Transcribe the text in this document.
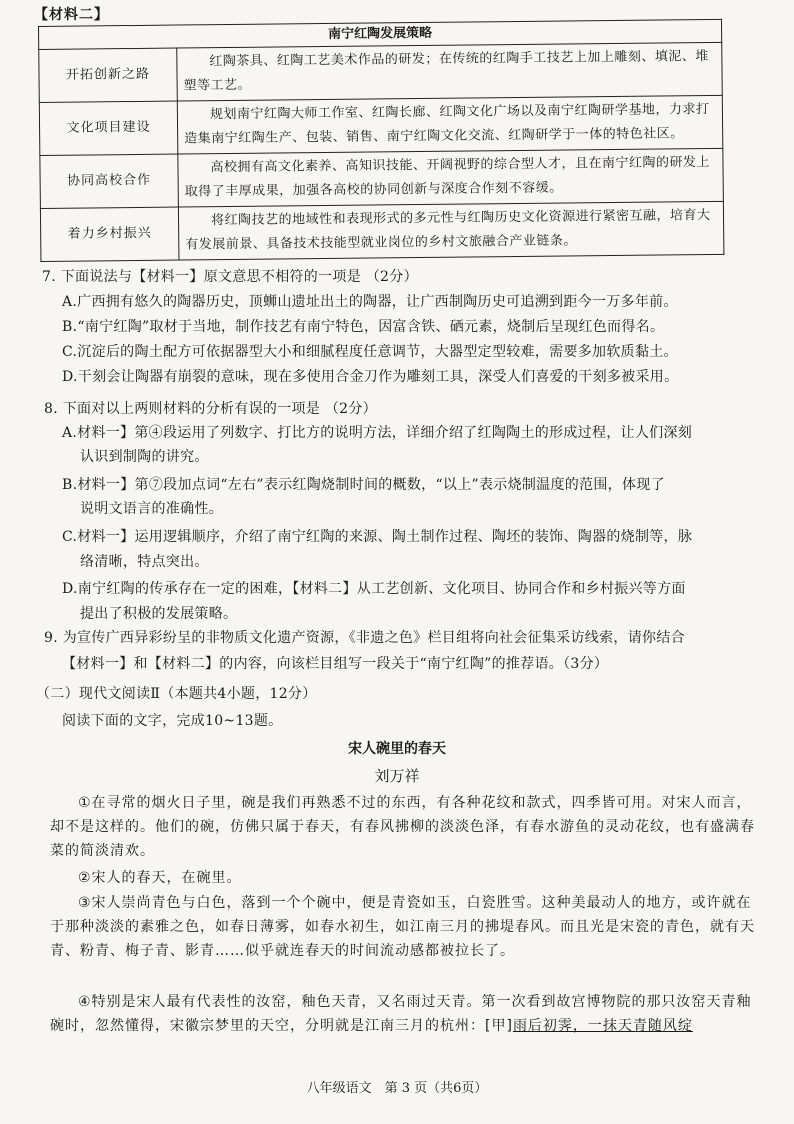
【材料二】
南宁红陶发展策略	
开拓创新之路	红陶茶具、红陶工艺美术作品的研发；在传统的红陶手工技艺上加上雕刻、填泥、堆塑等工艺。
文化项目建设	规划南宁红陶大师工作室、红陶长廊、红陶文化广场以及南宁红陶研学基地，力求打造集南宁红陶生产、包装、销售、南宁红陶文化交流、红陶研学于一体的特色社区。
协同高校合作	高校拥有高文化素养、高知识技能、开阔视野的综合型人才，且在南宁红陶的研发上取得了丰厚成果，加强各高校的协同创新与深度合作刻不容缓。
着力乡村振兴	将红陶技艺的地域性和表现形式的多元性与红陶历史文化资源进行紧密互融，培育大有发展前景、具备技术技能型就业岗位的乡村文旅融合产业链条。
7. 下面说法与【材料一】原文意思不相符的一项是 （2分）
A.广西拥有悠久的陶器历史，顶蛳山遗址出土的陶器，让广西制陶历史可追溯到距今一万多年前。
B.“南宁红陶”取材于当地，制作技艺有南宁特色，因富含铁、硒元素，烧制后呈现红色而得名。
C.沉淀后的陶土配方可依据器型大小和细腻程度任意调节，大器型定型较难，需要多加软质黏土。
D.干刻会让陶器有崩裂的意味，现在多使用合金刀作为雕刻工具，深受人们喜爱的干刻多被采用。
8. 下面对以上两则材料的分析有误的一项是 （2分）
A.材料一】第④段运用了列数字、打比方的说明方法，详细介绍了红陶陶土的形成过程，让人们深刻
认识到制陶的讲究。
B.材料一】第⑦段加点词“左右”表示红陶烧制时间的概数，“以上”表示烧制温度的范围，体现了
说明文语言的准确性。
C.材料一】运用逻辑顺序，介绍了南宁红陶的来源、陶土制作过程、陶坯的装饰、陶器的烧制等，脉
络清晰，特点突出。
D.南宁红陶的传承存在一定的困难，【材料二】从工艺创新、文化项目、协同合作和乡村振兴等方面
提出了积极的发展策略。
9. 为宣传广西异彩纷呈的非物质文化遗产资源，《非遗之色》栏目组将向社会征集采访线索，请你结合
【材料一】和【材料二】的内容，向该栏目组写一段关于“南宁红陶”的推荐语。（3分）
（二）现代文阅读Ⅱ（本题共4小题，12分）
阅读下面的文字，完成10~13题。
宋人碗里的春天
刘万祥
①在寻常的烟火日子里，碗是我们再熟悉不过的东西，有各种花纹和款式，四季皆可用。对宋人而言，却不是这样的。他们的碗，仿佛只属于春天，有春风拂柳的淡淡色泽，有春水游鱼的灵动花纹，也有盛满春菜的简淡清欢。
②宋人的春天，在碗里。
③宋人崇尚青色与白色，落到一个个碗中，便是青瓷如玉，白瓷胜雪。这种美最动人的地方，或许就在于那种淡淡的素雅之色，如春日薄雾，如春水初生，如江南三月的拂堤春风。而且光是宋瓷的青色，就有天青、粉青、梅子青、影青……似乎就连春天的时间流动感都被拉长了。
④特别是宋人最有代表性的汝窑，釉色天青，又名雨过天青。第一次看到故宫博物院的那只汝窑天青釉碗时，忽然懂得，宋徽宗梦里的天空，分明就是江南三月的杭州：[甲]雨后初霁，一抹天青随风绽
八年级语文　第 3 页（共6页）
